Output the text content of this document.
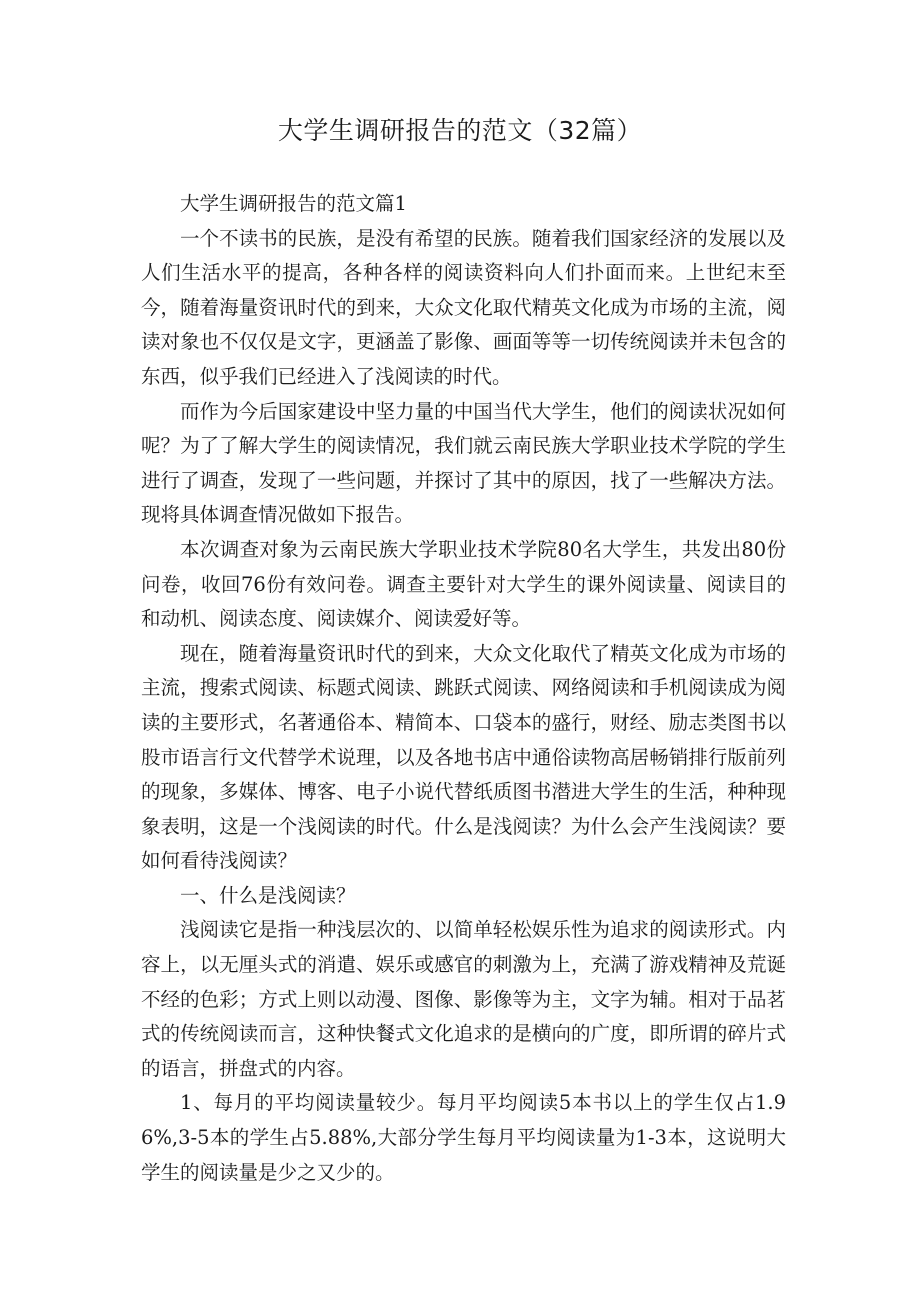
大学生调研报告的范文（32篇）

大学生调研报告的范文篇1

一个不读书的民族，是没有希望的民族。随着我们国家经济的发展以及人们生活水平的提高，各种各样的阅读资料向人们扑面而来。上世纪末至今，随着海量资讯时代的到来，大众文化取代精英文化成为市场的主流，阅读对象也不仅仅是文字，更涵盖了影像、画面等等一切传统阅读并未包含的东西，似乎我们已经进入了浅阅读的时代。

而作为今后国家建设中坚力量的中国当代大学生，他们的阅读状况如何呢？为了了解大学生的阅读情况，我们就云南民族大学职业技术学院的学生进行了调查，发现了一些问题，并探讨了其中的原因，找了一些解决方法。现将具体调查情况做如下报告。

本次调查对象为云南民族大学职业技术学院80名大学生，共发出80份问卷，收回76份有效问卷。调查主要针对大学生的课外阅读量、阅读目的和动机、阅读态度、阅读媒介、阅读爱好等。

现在，随着海量资讯时代的到来，大众文化取代了精英文化成为市场的主流，搜索式阅读、标题式阅读、跳跃式阅读、网络阅读和手机阅读成为阅读的主要形式，名著通俗本、精简本、口袋本的盛行，财经、励志类图书以股市语言行文代替学术说理，以及各地书店中通俗读物高居畅销排行版前列的现象，多媒体、博客、电子小说代替纸质图书潜进大学生的生活，种种现象表明，这是一个浅阅读的时代。什么是浅阅读？为什么会产生浅阅读？要如何看待浅阅读？

一、什么是浅阅读？

浅阅读它是指一种浅层次的、以简单轻松娱乐性为追求的阅读形式。内容上，以无厘头式的消遣、娱乐或感官的刺激为上，充满了游戏精神及荒诞不经的色彩；方式上则以动漫、图像、影像等为主，文字为辅。相对于品茗式的传统阅读而言，这种快餐式文化追求的是横向的广度，即所谓的碎片式的语言，拼盘式的内容。

1、每月的平均阅读量较少。每月平均阅读5本书以上的学生仅占1.96%,3-5本的学生占5.88%,大部分学生每月平均阅读量为1-3本，这说明大学生的阅读量是少之又少的。
